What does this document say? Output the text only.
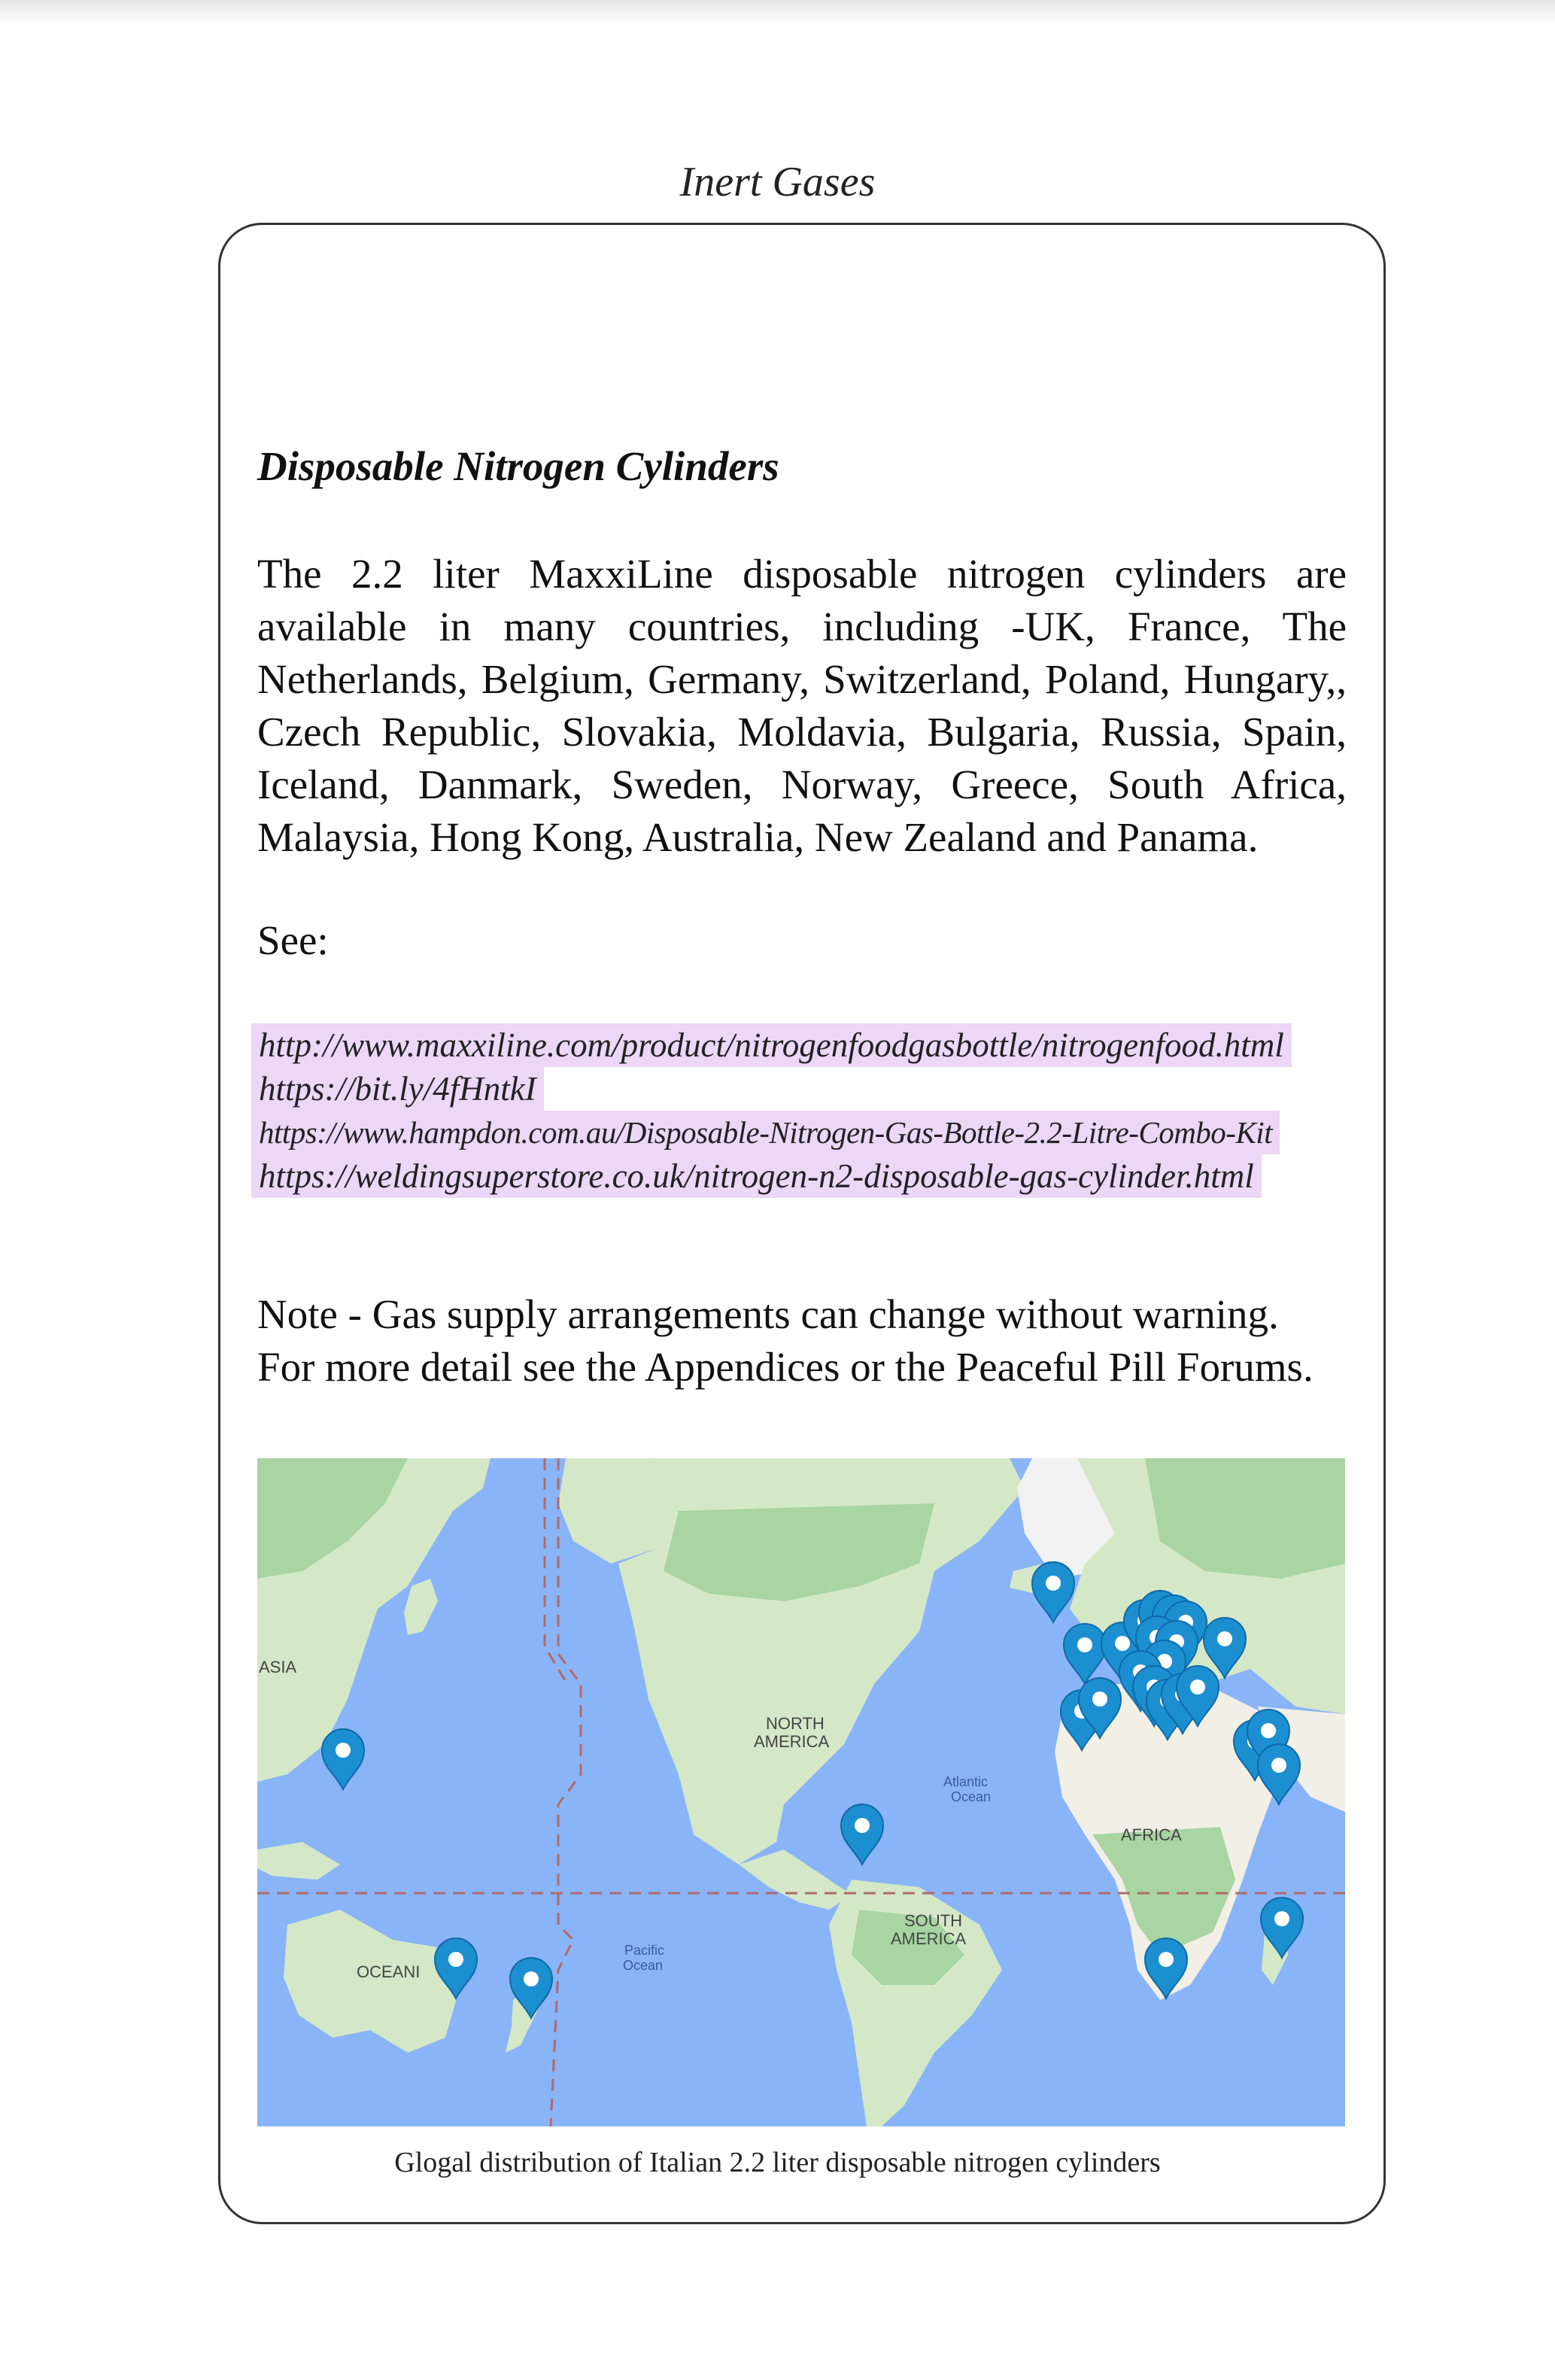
Inert Gases
Disposable Nitrogen Cylinders
The 2.2 liter MaxxiLine disposable nitrogen cylinders are available in many countries, including -UK, France, The Netherlands, Belgium, Germany, Switzerland, Poland, Hungary,, Czech Republic, Slovakia, Moldavia, Bulgaria, Russia, Spain, Iceland, Danmark, Sweden, Norway, Greece, South Africa, Malaysia, Hong Kong, Australia, New Zealand and Panama.
See:
http://www.maxxiline.com/product/nitrogenfoodgasbottle/nitrogenfood.html
https://bit.ly/4fHntkI
https://www.hampdon.com.au/Disposable-Nitrogen-Gas-Bottle-2.2-Litre-Combo-Kit
https://weldingsuperstore.co.uk/nitrogen-n2-disposable-gas-cylinder.html
Note - Gas supply arrangements can change without warning.
For more detail see the Appendices or the Peaceful Pill Forums.
ASIA
NORTH
AMERICA
Atlantic
Ocean
AFRICA
SOUTH
AMERICA
Pacific
Ocean
OCEANI
Glogal distribution of Italian 2.2 liter disposable nitrogen cylinders
